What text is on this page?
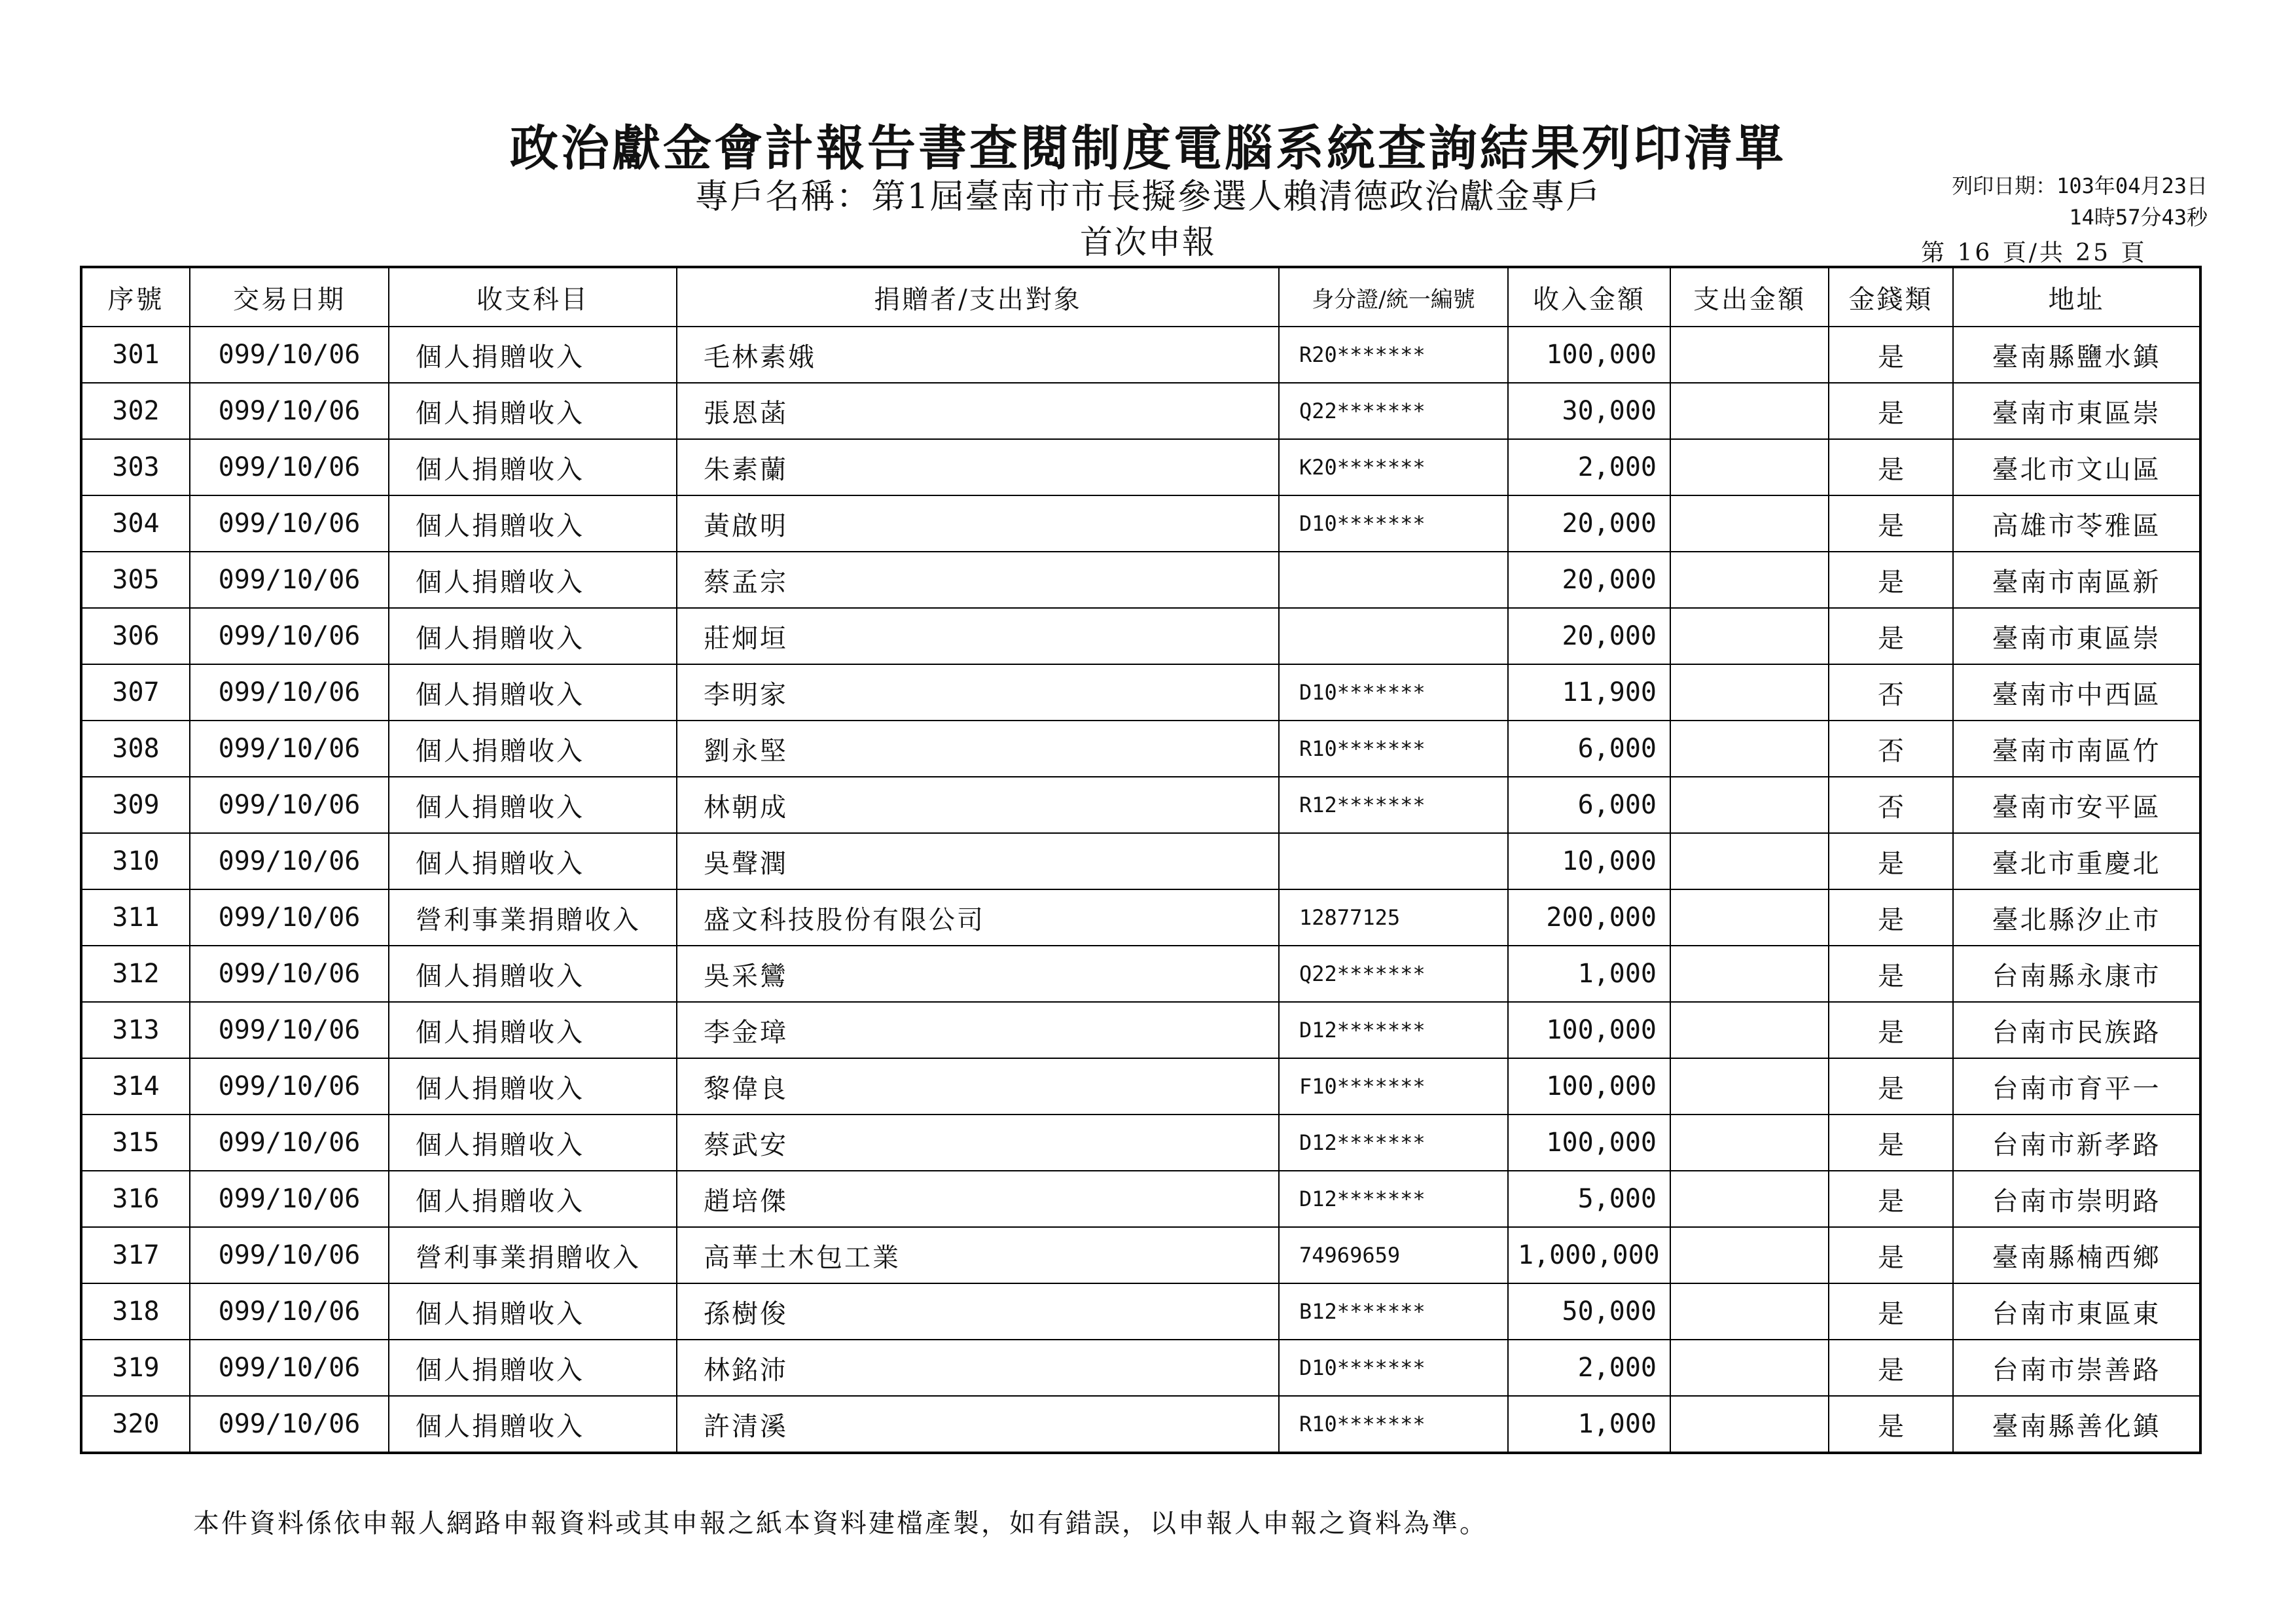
政治獻金會計報告書查閱制度電腦系統查詢結果列印清單
專戶名稱：第1屆臺南市市長擬參選人賴清德政治獻金專戶
首次申報
列印日期：103年04月23日
14時57分43秒
第 16 頁/共 25 頁
序號	交易日期	收支科目	捐贈者/支出對象	身分證/統一編號	收入金額	支出金額	金錢類	地址
301	099/10/06	個人捐贈收入	毛林素娥	R20*******	100,000		是	臺南縣鹽水鎮
302	099/10/06	個人捐贈收入	張恩菡	Q22*******	30,000		是	臺南市東區崇
303	099/10/06	個人捐贈收入	朱素蘭	K20*******	2,000		是	臺北市文山區
304	099/10/06	個人捐贈收入	黃啟明	D10*******	20,000		是	高雄市苓雅區
305	099/10/06	個人捐贈收入	蔡孟宗		20,000		是	臺南市南區新
306	099/10/06	個人捐贈收入	莊炯垣		20,000		是	臺南市東區崇
307	099/10/06	個人捐贈收入	李明家	D10*******	11,900		否	臺南市中西區
308	099/10/06	個人捐贈收入	劉永堅	R10*******	6,000		否	臺南市南區竹
309	099/10/06	個人捐贈收入	林朝成	R12*******	6,000		否	臺南市安平區
310	099/10/06	個人捐贈收入	吳聲潤		10,000		是	臺北市重慶北
311	099/10/06	營利事業捐贈收入	盛文科技股份有限公司	12877125	200,000		是	臺北縣汐止市
312	099/10/06	個人捐贈收入	吳采鸞	Q22*******	1,000		是	台南縣永康市
313	099/10/06	個人捐贈收入	李金璋	D12*******	100,000		是	台南市民族路
314	099/10/06	個人捐贈收入	黎偉良	F10*******	100,000		是	台南市育平一
315	099/10/06	個人捐贈收入	蔡武安	D12*******	100,000		是	台南市新孝路
316	099/10/06	個人捐贈收入	趙培傑	D12*******	5,000		是	台南市崇明路
317	099/10/06	營利事業捐贈收入	高華土木包工業	74969659	1,000,000		是	臺南縣楠西鄉
318	099/10/06	個人捐贈收入	孫樹俊	B12*******	50,000		是	台南市東區東
319	099/10/06	個人捐贈收入	林銘沛	D10*******	2,000		是	台南市崇善路
320	099/10/06	個人捐贈收入	許清溪	R10*******	1,000		是	臺南縣善化鎮
本件資料係依申報人網路申報資料或其申報之紙本資料建檔產製，如有錯誤，以申報人申報之資料為準。
